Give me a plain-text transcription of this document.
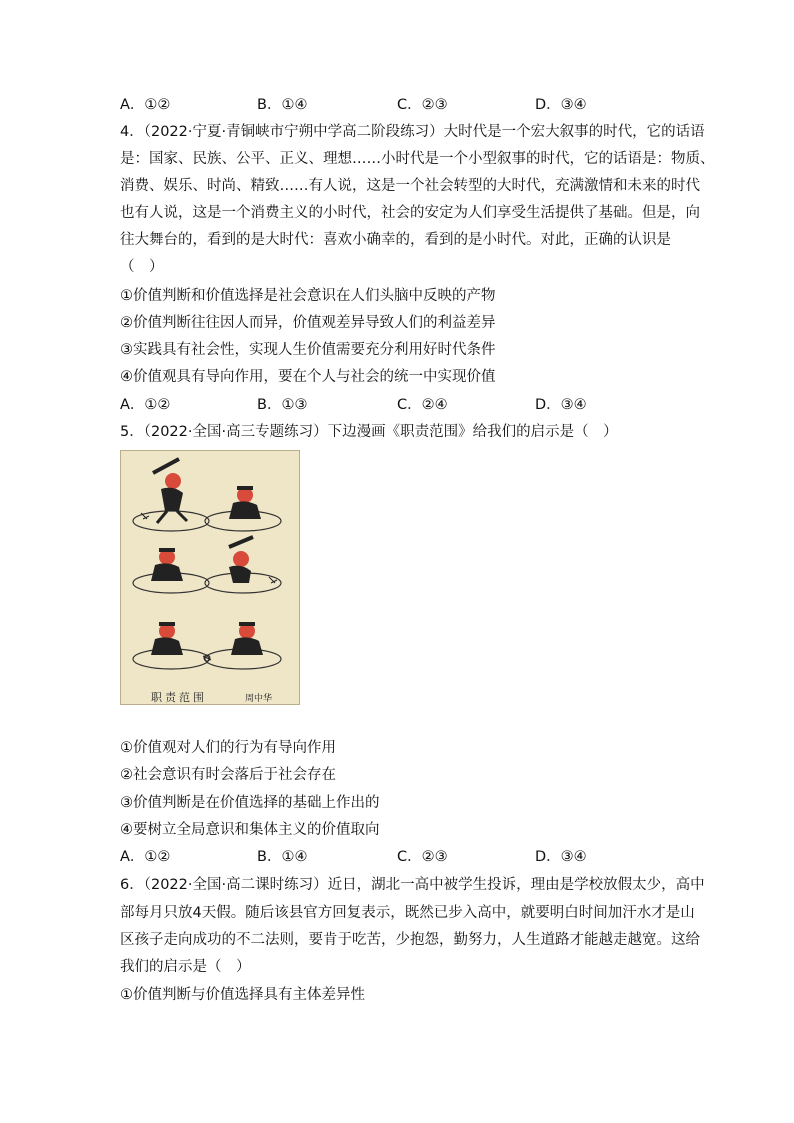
A．①②	B．①④	C．②③	D．③④
4．（2022·宁夏·青铜峡市宁朔中学高二阶段练习）大时代是一个宏大叙事的时代，它的话语
是：国家、民族、公平、正义、理想……小时代是一个小型叙事的时代，它的话语是：物质、
消费、娱乐、时尚、精致……有人说，这是一个社会转型的大时代，充满激情和未来的时代
也有人说，这是一个消费主义的小时代，社会的安定为人们享受生活提供了基础。但是，向
往大舞台的，看到的是大时代：喜欢小确幸的，看到的是小时代。对此，正确的认识是
（　）
①价值判断和价值选择是社会意识在人们头脑中反映的产物
②价值判断往往因人而异，价值观差异导致人们的利益差异
③实践具有社会性，实现人生价值需要充分利用好时代条件
④价值观具有导向作用，要在个人与社会的统一中实现价值
A．①②	B．①③	C．②④	D．③④
5．（2022·全国·高三专题练习）下边漫画《职责范围》给我们的启示是（　）
职责范围	周中华
①价值观对人们的行为有导向作用
②社会意识有时会落后于社会存在
③价值判断是在价值选择的基础上作出的
④要树立全局意识和集体主义的价值取向
A．①②	B．①④	C．②③	D．③④
6．（2022·全国·高二课时练习）近日，湖北一高中被学生投诉，理由是学校放假太少，高中
部每月只放4天假。随后该县官方回复表示，既然已步入高中，就要明白时间加汗水才是山
区孩子走向成功的不二法则，要肯于吃苦，少抱怨，勤努力，人生道路才能越走越宽。这给
我们的启示是（　）
①价值判断与价值选择具有主体差异性
